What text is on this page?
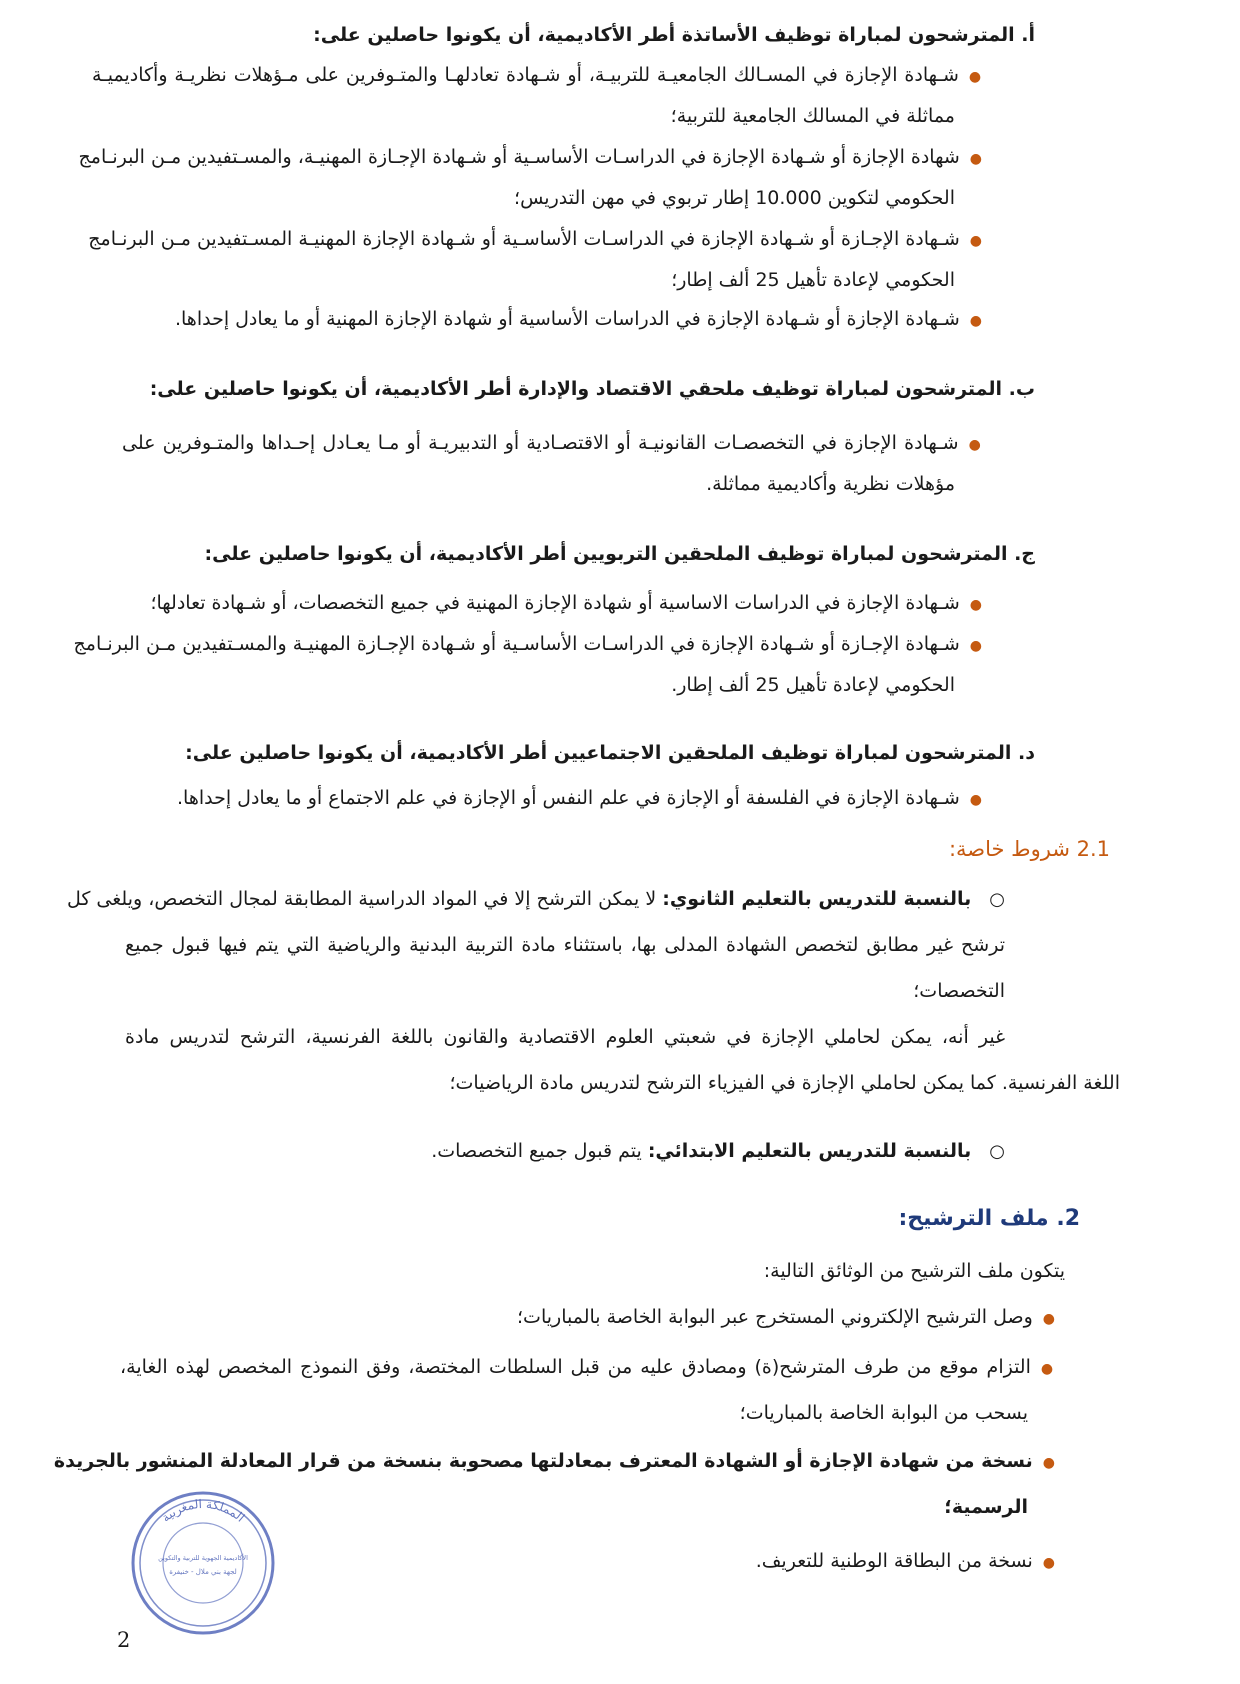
أ. المترشحون لمباراة توظيف الأساتذة أطر الأكاديمية، أن يكونوا حاصلين على:

●شـهادة الإجازة في المسـالك الجامعيـة للتربيـة، أو شـهادة تعادلهـا والمتـوفرين على مـؤهلات نظريـة وأكاديميـة

مماثلة في المسالك الجامعية للتربية؛

●شهادة الإجازة أو شـهادة الإجازة في الدراسـات الأساسـية أو شـهادة الإجـازة المهنيـة، والمسـتفيدين مـن البرنـامج

الحكومي لتكوين 10.000 إطار تربوي في مهن التدريس؛

●شـهادة الإجـازة أو شـهادة الإجازة في الدراسـات الأساسـية أو شـهادة الإجازة المهنيـة المسـتفيدين مـن البرنـامج

الحكومي لإعادة تأهيل 25 ألف إطار؛

●شـهادة الإجازة أو شـهادة الإجازة في الدراسات الأساسية أو شهادة الإجازة المهنية أو ما يعادل إحداها.

ب. المترشحون لمباراة توظيف ملحقي الاقتصاد والإدارة أطر الأكاديمية، أن يكونوا حاصلين على:

●شـهادة الإجازة في التخصصـات القانونيـة أو الاقتصـادية أو التدبيريـة أو مـا يعـادل إحـداها والمتـوفرين على

مؤهلات نظرية وأكاديمية مماثلة.

ج. المترشحون لمباراة توظيف الملحقين التربويين أطر الأكاديمية، أن يكونوا حاصلين على:

●شـهادة الإجازة في الدراسات الاساسية أو شهادة الإجازة المهنية في جميع التخصصات، أو شـهادة تعادلها؛

●شـهادة الإجـازة أو شـهادة الإجازة في الدراسـات الأساسـية أو شـهادة الإجـازة المهنيـة والمسـتفيدين مـن البرنـامج

الحكومي لإعادة تأهيل 25 ألف إطار.

د. المترشحون لمباراة توظيف الملحقين الاجتماعيين أطر الأكاديمية، أن يكونوا حاصلين على:

●شـهادة الإجازة في الفلسفة أو الإجازة في علم النفس أو الإجازة في علم الاجتماع أو ما يعادل إحداها.

2.1 شروط خاصة:

○بالنسبة للتدريس بالتعليم الثانوي: لا يمكن الترشح إلا في المواد الدراسية المطابقة لمجال التخصص، ويلغى كل

ترشح غير مطابق لتخصص الشهادة المدلى بها، باستثناء مادة التربية البدنية والرياضية التي يتم فيها قبول جميع

التخصصات؛

غير أنه، يمكن لحاملي الإجازة في شعبتي العلوم الاقتصادية والقانون باللغة الفرنسية، الترشح لتدريس مادة

اللغة الفرنسية. كما يمكن لحاملي الإجازة في الفيزياء الترشح لتدريس مادة الرياضيات؛

○بالنسبة للتدريس بالتعليم الابتدائي: يتم قبول جميع التخصصات.

2. ملف الترشيح:

يتكون ملف الترشيح من الوثائق التالية:

●وصل الترشيح الإلكتروني المستخرج عبر البوابة الخاصة بالمباريات؛

●التزام موقع من طرف المترشح(ة) ومصادق عليه من قبل السلطات المختصة، وفق النموذج المخصص لهذه الغاية،

يسحب من البوابة الخاصة بالمباريات؛

●نسخة من شهادة الإجازة أو الشهادة المعترف بمعادلتها مصحوبة بنسخة من قرار المعادلة المنشور بالجريدة

الرسمية؛

●نسخة من البطاقة الوطنية للتعريف.

المملكة المغربية
الأكاديمية الجهوية للتربية والتكوين
لجهة بني ملال - خنيفرة
2
